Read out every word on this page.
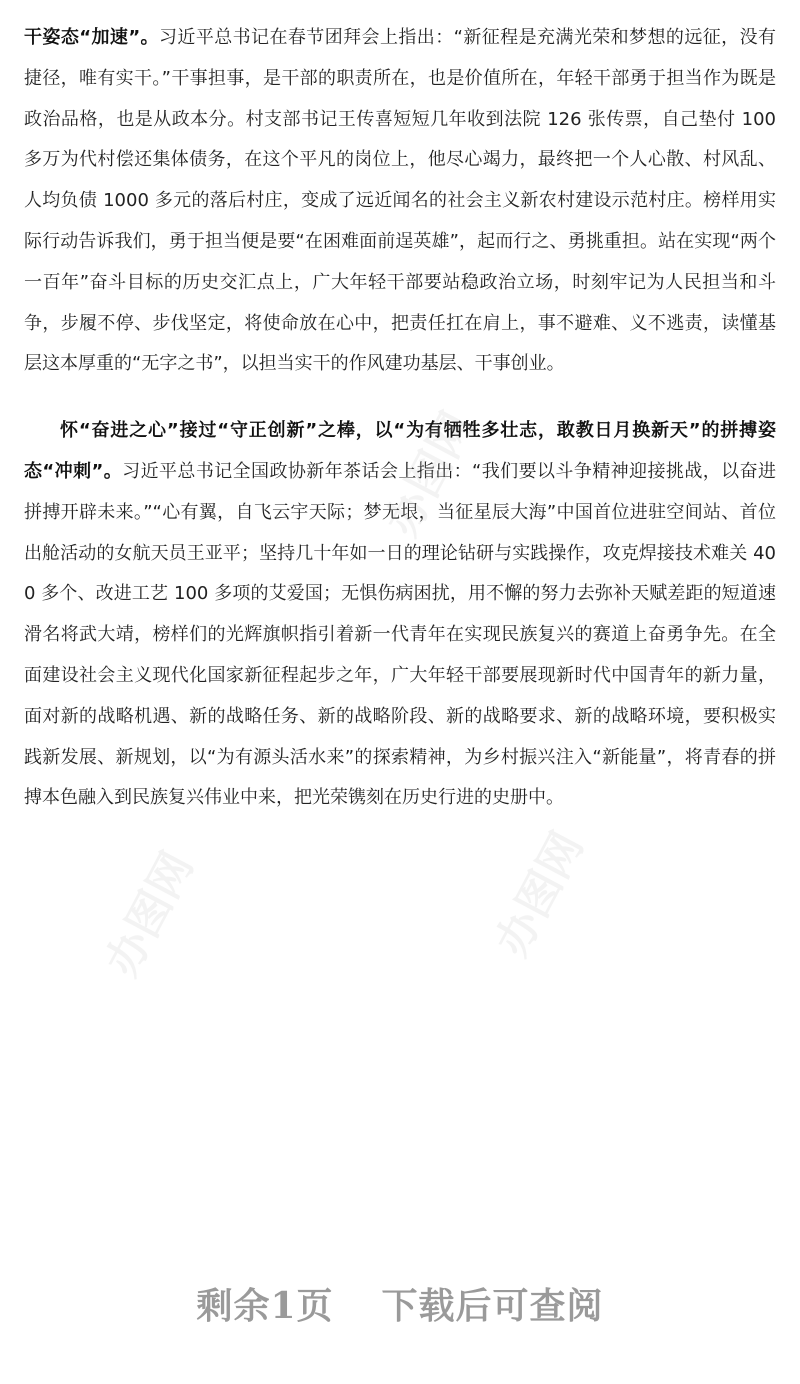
干姿态“加速”。习近平总书记在春节团拜会上指出：“新征程是充满光荣和梦想的远征，没有捷径，唯有实干。”干事担事，是干部的职责所在，也是价值所在，年轻干部勇于担当作为既是政治品格，也是从政本分。村支部书记王传喜短短几年收到法院 126 张传票，自己垫付 100 多万为代村偿还集体债务，在这个平凡的岗位上，他尽心竭力，最终把一个人心散、村风乱、人均负债 1000 多元的落后村庄，变成了远近闻名的社会主义新农村建设示范村庄。榜样用实际行动告诉我们，勇于担当便是要“在困难面前逞英雄”，起而行之、勇挑重担。站在实现“两个一百年”奋斗目标的历史交汇点上，广大年轻干部要站稳政治立场，时刻牢记为人民担当和斗争，步履不停、步伐坚定，将使命放在心中，把责任扛在肩上，事不避难、义不逃责，读懂基层这本厚重的“无字之书”，以担当实干的作风建功基层、干事创业。

怀“奋进之心”接过“守正创新”之棒，以“为有牺牲多壮志，敢教日月换新天”的拼搏姿态“冲刺”。习近平总书记全国政协新年茶话会上指出：“我们要以斗争精神迎接挑战，以奋进拼搏开辟未来。”“心有翼，自飞云宇天际；梦无垠，当征星辰大海”中国首位进驻空间站、首位出舱活动的女航天员王亚平；坚持几十年如一日的理论钻研与实践操作，攻克焊接技术难关 400 多个、改进工艺 100 多项的艾爱国；无惧伤病困扰，用不懈的努力去弥补天赋差距的短道速滑名将武大靖，榜样们的光辉旗帜指引着新一代青年在实现民族复兴的赛道上奋勇争先。在全面建设社会主义现代化国家新征程起步之年，广大年轻干部要展现新时代中国青年的新力量，面对新的战略机遇、新的战略任务、新的战略阶段、新的战略要求、新的战略环境，要积极实践新发展、新规划，以“为有源头活水来”的探索精神，为乡村振兴注入“新能量”，将青春的拼搏本色融入到民族复兴伟业中来，把光荣镌刻在历史行进的史册中。

办图网
办图网
办图网
剩余1页 下载后可查阅
